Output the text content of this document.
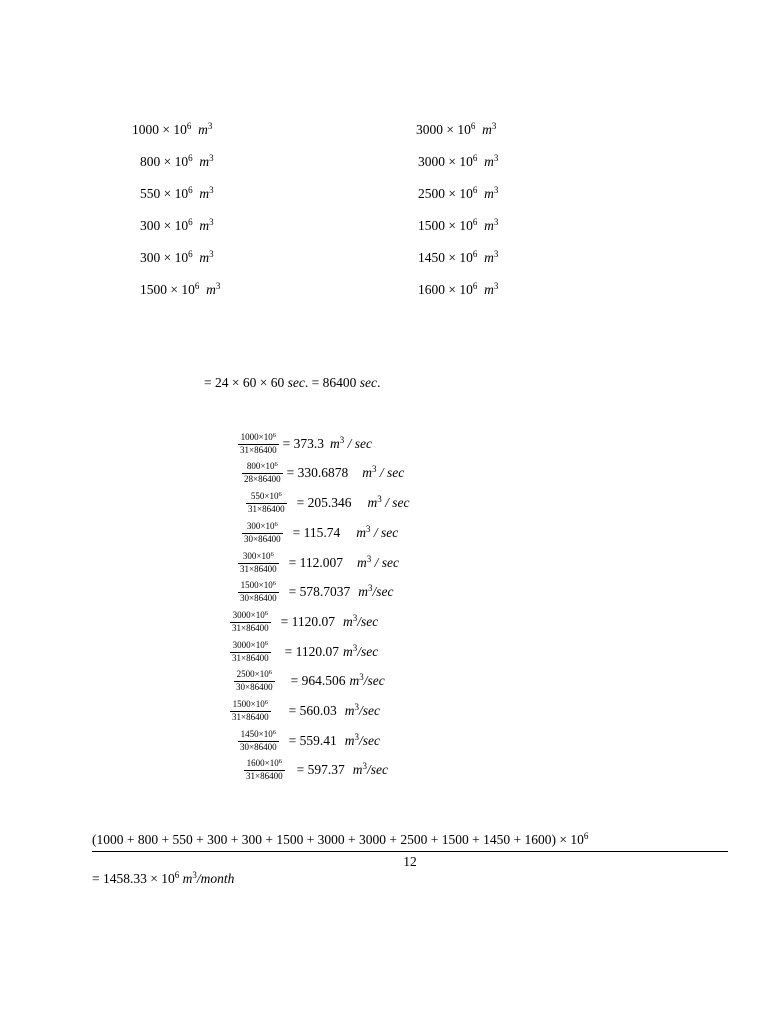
$1000 \times 10^6$ $m^3$
$800 \times 10^6$ $m^3$
$550 \times 10^6$ $m^3$
$300 \times 10^6$ $m^3$
$300 \times 10^6$ $m^3$
$1500 \times 10^6$ $m^3$
$3000 \times 10^6$ $m^3$
$3000 \times 10^6$ $m^3$
$2500 \times 10^6$ $m^3$
$1500 \times 10^6$ $m^3$
$1450 \times 10^6$ $m^3$
$1600 \times 10^6$ $m^3$
= 24 × 60 × 60 sec. = 86400 sec.
$\frac{1000\times 10^6}{31\times 86400} = 373.3$ $m^3$ / sec
$\frac{800\times 10^6}{28\times 86400} = 330.6878$ $m^3$ / sec
$\frac{550\times 10^6}{31\times 86400} = 205.346$ $m^3$ / sec
$\frac{300\times 10^6}{30\times 86400} = 115.74$ $m^3$ / sec
$\frac{300\times 10^6}{31\times 86400} = 112.007$ $m^3$ / sec
$\frac{1500\times 10^6}{30\times 86400} = 578.7037$ $m^3/\sec$
$\frac{3000\times 10^6}{31\times 86400} = 1120.07$ $m^3/\sec$
$\frac{3000\times 10^6}{31\times 86400} = 1120.07$ $m^3/\sec$
$\frac{2500\times 10^6}{30\times 86400} = 964.506$ $m^3/\sec$
$\frac{1500\times 10^6}{31\times 86400} = 560.03$ $m^3/\sec$
$\frac{1450\times 10^6}{30\times 86400} = 559.41$ $m^3/\sec$
$\frac{1600\times 10^6}{31\times 86400} = 597.37$ $m^3/\sec$
$(1000 + 800 + 550 + 300 + 300 + 1500 + 3000 + 3000 + 2500 + 1500 + 1450 + 1600) \times 10^6$
12
= $1458.33 \times 10^6$ $m^3$/month
